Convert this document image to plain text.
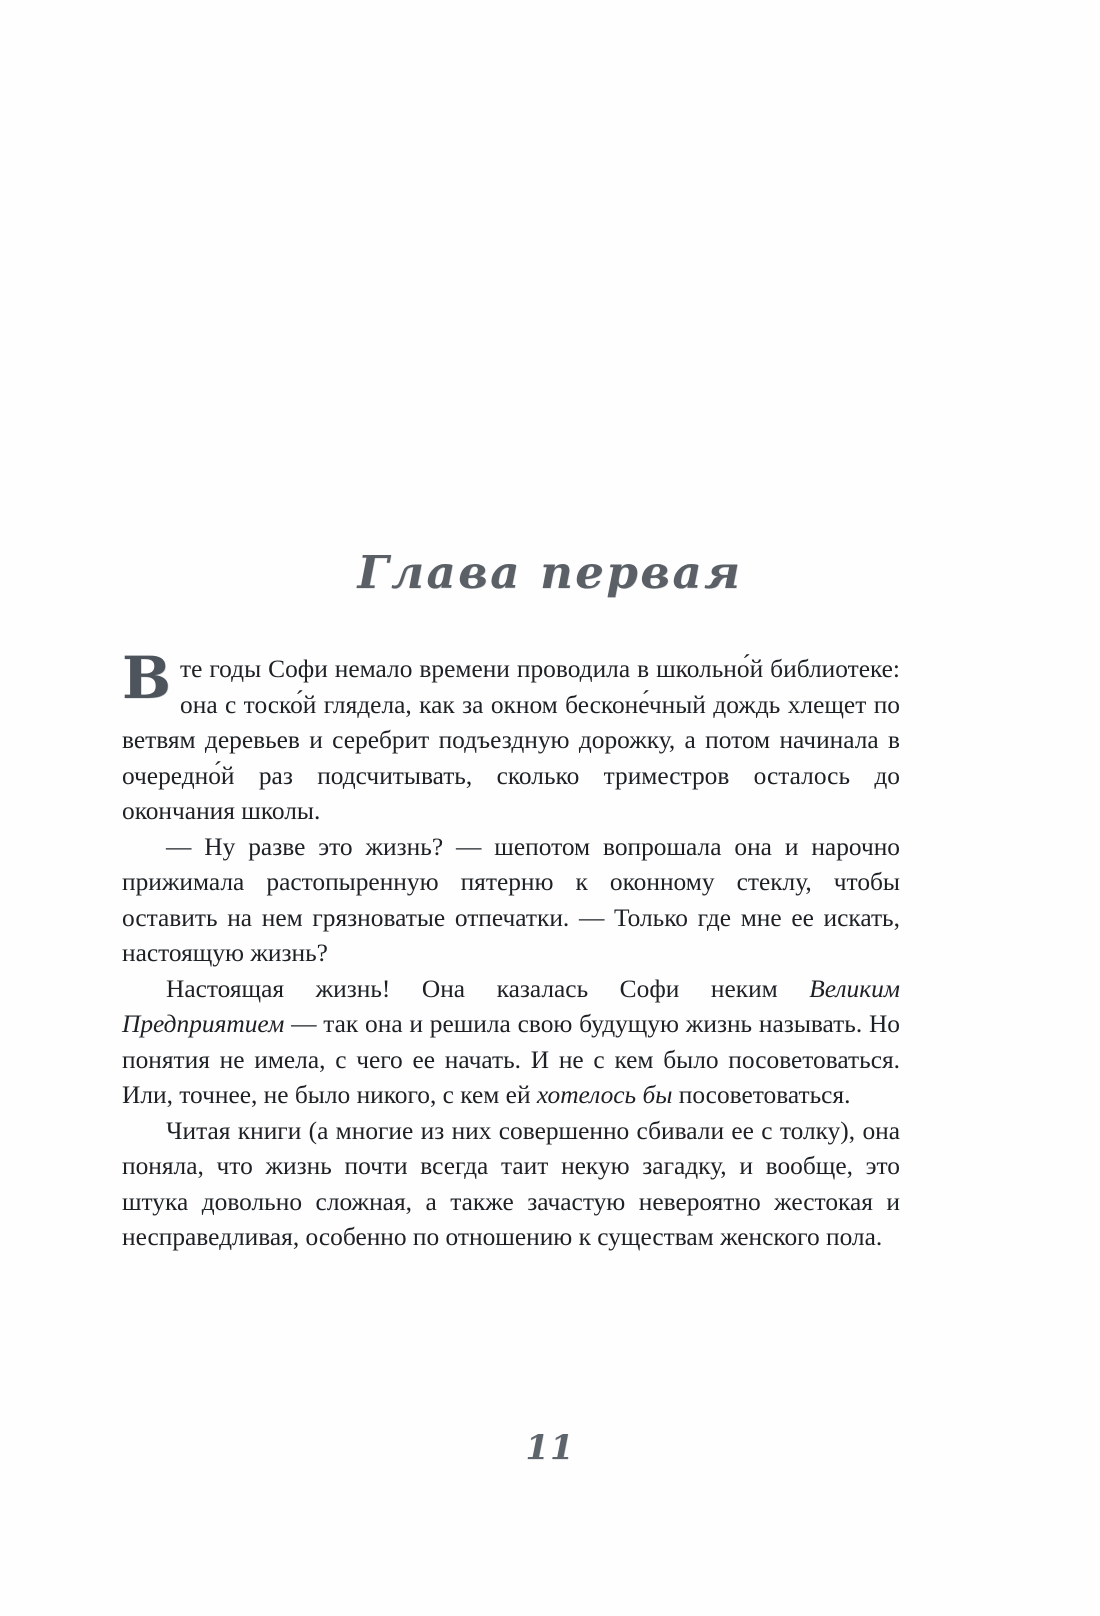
Глава первая

В те годы Софи немало времени проводила в школьно́й библиотеке: она с тоско́й глядела, как за окном бесконе́чный дождь хлещет по ветвям деревьев и серебрит подъездную дорожку, а потом начинала в очередно́й раз подсчитывать, сколько триместров осталось до окончания школы.

— Ну разве это жизнь? — шепотом вопрошала она и нарочно прижимала растопыренную пятерню к оконному стеклу, чтобы оставить на нем грязноватые отпечатки. — Только где мне ее искать, настоящую жизнь?

Настоящая жизнь! Она казалась Софи неким Великим Предприятием — так она и решила свою будущую жизнь называть. Но понятия не имела, с чего ее начать. И не с кем было посоветоваться. Или, точнее, не было никого, с кем ей хотелось бы посоветоваться.

Читая книги (а многие из них совершенно сбивали ее с толку), она поняла, что жизнь почти всегда таит некую загадку, и вообще, это штука довольно сложная, а также зачастую невероятно жестокая и несправедливая, особенно по отношению к существам женского пола.

11
